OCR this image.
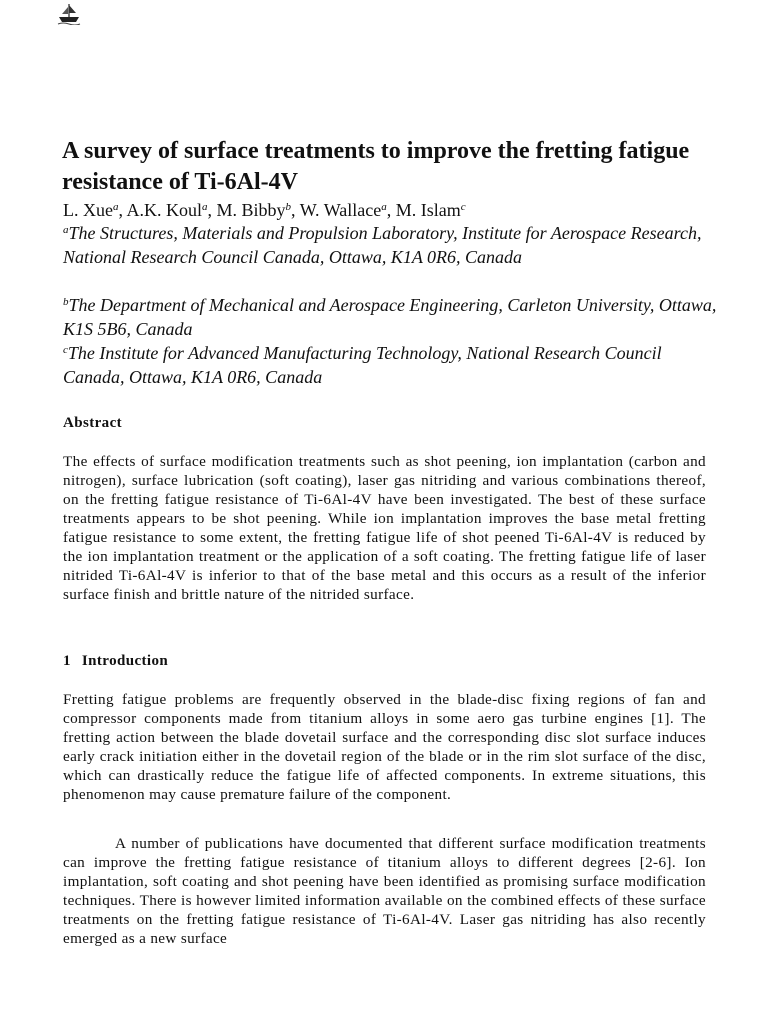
A survey of surface treatments to improve the fretting fatigue resistance of Ti-6Al-4V
L. Xue$^a$, A.K. Koul$^a$, M. Bibby$^b$, W. Wallace$^a$, M. Islam$^c$
$^a$The Structures, Materials and Propulsion Laboratory, Institute for Aerospace Research, National Research Council Canada, Ottawa, K1A 0R6, Canada
$^b$The Department of Mechanical and Aerospace Engineering, Carleton University, Ottawa, K1S 5B6, Canada
$^c$The Institute for Advanced Manufacturing Technology, National Research Council Canada, Ottawa, K1A 0R6, Canada
Abstract

The effects of surface modification treatments such as shot peening, ion implantation (carbon and nitrogen), surface lubrication (soft coating), laser gas nitriding and various combinations thereof, on the fretting fatigue resistance of Ti-6Al-4V have been investigated. The best of these surface treatments appears to be shot peening. While ion implantation improves the base metal fretting fatigue resistance to some extent, the fretting fatigue life of shot peened Ti-6Al-4V is reduced by the ion implantation treatment or the application of a soft coating. The fretting fatigue life of laser nitrided Ti-6Al-4V is inferior to that of the base metal and this occurs as a result of the inferior surface finish and brittle nature of the nitrided surface.

1 Introduction

Fretting fatigue problems are frequently observed in the blade-disc fixing regions of fan and compressor components made from titanium alloys in some aero gas turbine engines [1]. The fretting action between the blade dovetail surface and the corresponding disc slot surface induces early crack initiation either in the dovetail region of the blade or in the rim slot surface of the disc, which can drastically reduce the fatigue life of affected components. In extreme situations, this phenomenon may cause premature failure of the component.

A number of publications have documented that different surface modification treatments can improve the fretting fatigue resistance of titanium alloys to different degrees [2-6]. Ion implantation, soft coating and shot peening have been identified as promising surface modification techniques. There is however limited information available on the combined effects of these surface treatments on the fretting fatigue resistance of Ti-6Al-4V. Laser gas nitriding has also recently emerged as a new surface
